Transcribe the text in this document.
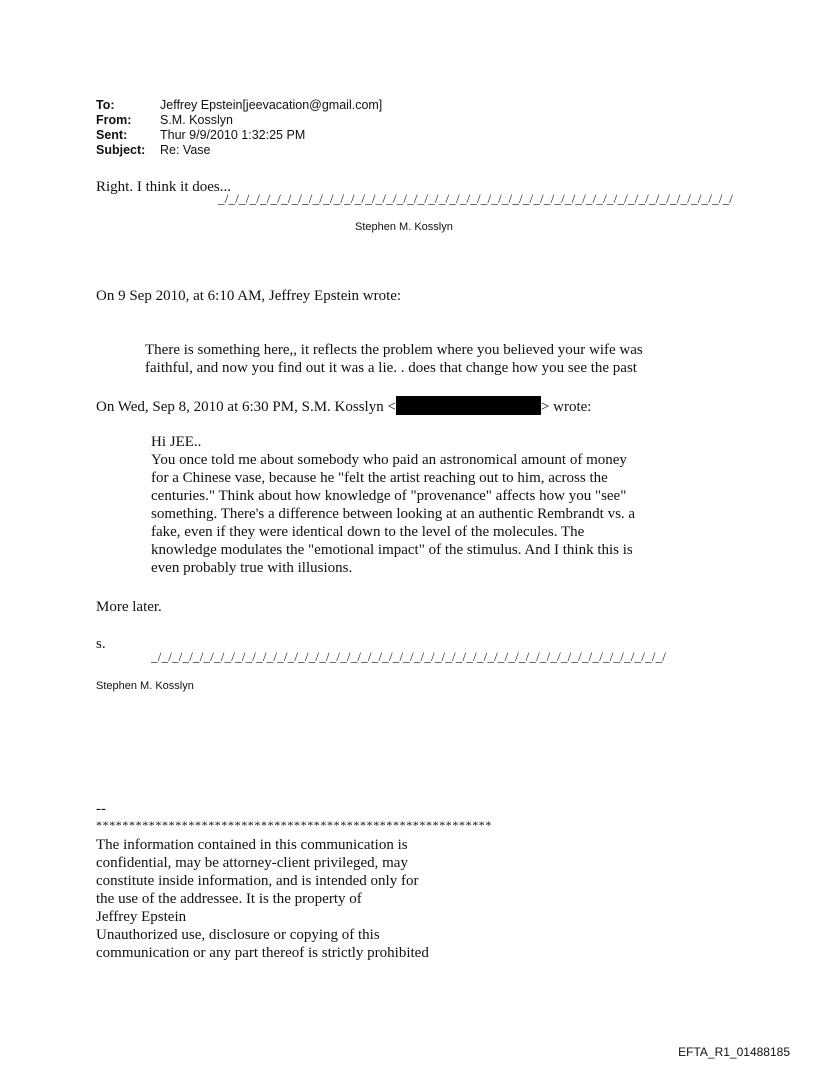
To:	Jeffrey Epstein[jeevacation@gmail.com]
From:	S.M. Kosslyn
Sent:	Thur 9/9/2010 1:32:25 PM
Subject:	Re: Vase
Right. I think it does...
_/_/_/_/_/_/_/_/_/_/_/_/_/_/_/_/_/_/_/_/_/_/_/_/_/_/_/_/_/_/_/_/_/_/_/_/_/_/_/_/_/_/_/_/_/_/_/_/_/
Stephen M. Kosslyn
On 9 Sep 2010, at 6:10 AM, Jeffrey Epstein wrote:
There is something here,, it reflects the problem where you believed your wife was
faithful, and now you find out it was a lie. . does that change how you see the past
On Wed, Sep 8, 2010 at 6:30 PM, S.M. Kosslyn <	> wrote:
Hi JEE..
You once told me about somebody who paid an astronomical amount of money
for a Chinese vase, because he "felt the artist reaching out to him, across the
centuries." Think about how knowledge of "provenance" affects how you "see"
something. There's a difference between looking at an authentic Rembrandt vs. a
fake, even if they were identical down to the level of the molecules. The
knowledge modulates the "emotional impact" of the stimulus. And I think this is
even probably true with illusions.
More later.
s.
_/_/_/_/_/_/_/_/_/_/_/_/_/_/_/_/_/_/_/_/_/_/_/_/_/_/_/_/_/_/_/_/_/_/_/_/_/_/_/_/_/_/_/_/_/_/_/_/_/
Stephen M. Kosslyn
--
************************************************************
The information contained in this communication is
confidential, may be attorney-client privileged, may
constitute inside information, and is intended only for
the use of the addressee. It is the property of
Jeffrey Epstein
Unauthorized use, disclosure or copying of this
communication or any part thereof is strictly prohibited
EFTA_R1_01488185
